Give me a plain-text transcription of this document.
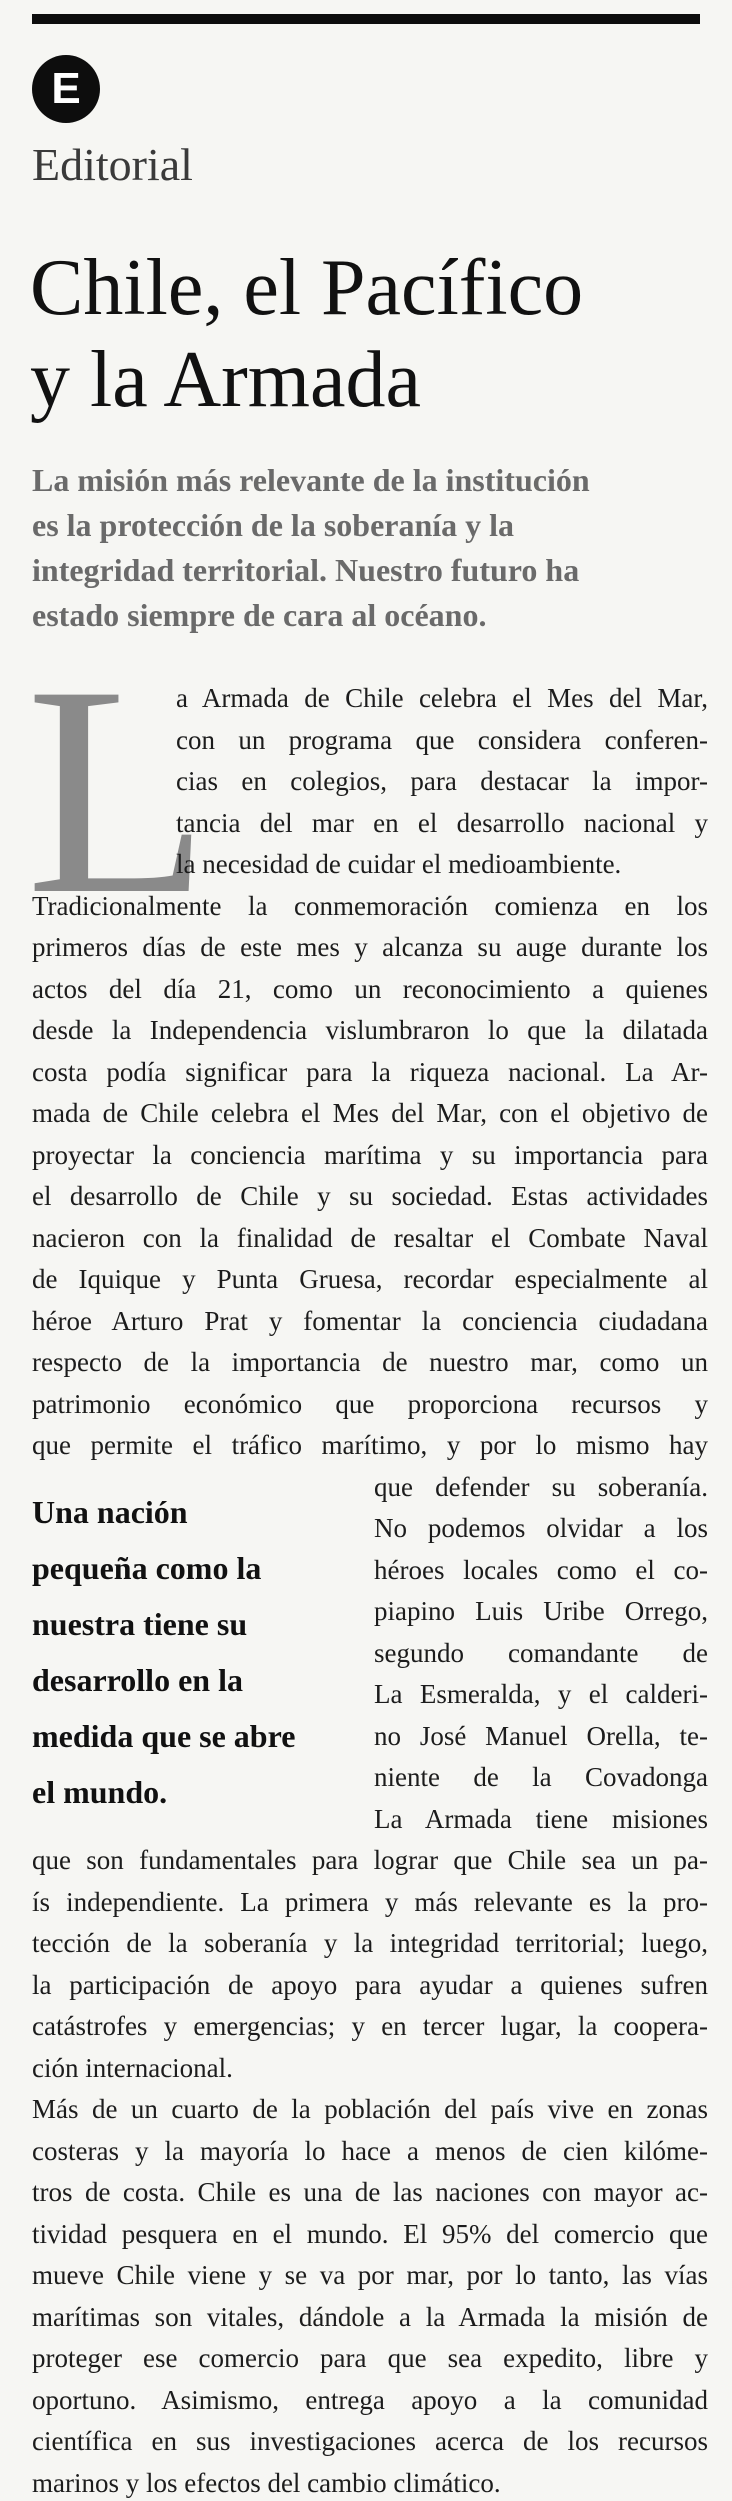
E
Editorial
Chile, el Pacífico
y la Armada

La misión más relevante de la institución
es la protección de la soberanía y la
integridad territorial. Nuestro futuro ha
estado siempre de cara al océano.

L
a Armada de Chile celebra el Mes del Mar,
con un programa que considera conferen-
cias en colegios, para destacar la impor-
tancia del mar en el desarrollo nacional y
la necesidad de cuidar el medioambiente.
Tradicionalmente la conmemoración comienza en los
primeros días de este mes y alcanza su auge durante los
actos del día 21, como un reconocimiento a quienes
desde la Independencia vislumbraron lo que la dilatada
costa podía significar para la riqueza nacional. La Ar-
mada de Chile celebra el Mes del Mar, con el objetivo de
proyectar la conciencia marítima y su importancia para
el desarrollo de Chile y su sociedad. Estas actividades
nacieron con la finalidad de resaltar el Combate Naval
de Iquique y Punta Gruesa, recordar especialmente al
héroe Arturo Prat y fomentar la conciencia ciudadana
respecto de la importancia de nuestro mar, como un
patrimonio económico que proporciona recursos y
que permite el tráfico marítimo, y por lo mismo hay
que defender su soberanía.
No podemos olvidar a los
héroes locales como el co-
piapino Luis Uribe Orrego,
segundo comandante de
La Esmeralda, y el calderi-
no José Manuel Orella, te-
niente de la Covadonga
La Armada tiene misiones
que son fundamentales para lograr que Chile sea un pa-
ís independiente. La primera y más relevante es la pro-
tección de la soberanía y la integridad territorial; luego,
la participación de apoyo para ayudar a quienes sufren
catástrofes y emergencias; y en tercer lugar, la coopera-
ción internacional.
Más de un cuarto de la población del país vive en zonas
costeras y la mayoría lo hace a menos de cien kilóme-
tros de costa. Chile es una de las naciones con mayor ac-
tividad pesquera en el mundo. El 95% del comercio que
mueve Chile viene y se va por mar, por lo tanto, las vías
marítimas son vitales, dándole a la Armada la misión de
proteger ese comercio para que sea expedito, libre y
oportuno. Asimismo, entrega apoyo a la comunidad
científica en sus investigaciones acerca de los recursos
marinos y los efectos del cambio climático.
Una nación
pequeña como la
nuestra tiene su
desarrollo en la
medida que se abre
el mundo.
